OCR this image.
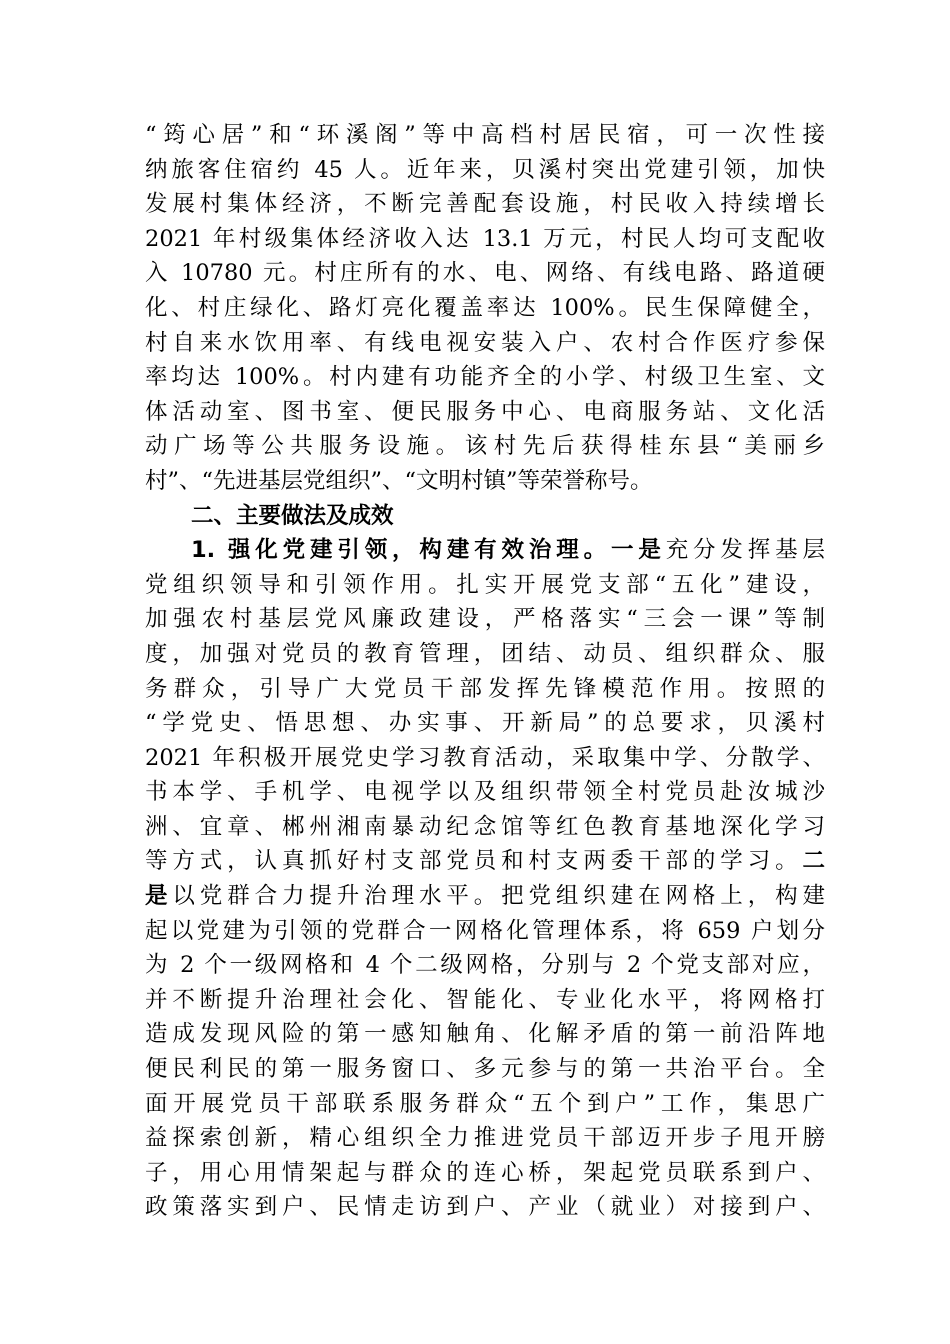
“筠心居”和“环溪阁”等中高档村居民宿，可一次性接
纳旅客住宿约 45 人。近年来，贝溪村突出党建引领，加快
发展村集体经济，不断完善配套设施，村民收入持续增长
2021 年村级集体经济收入达 13.1 万元，村民人均可支配收
入 10780 元。村庄所有的水、电、网络、有线电路、路道硬
化、村庄绿化、路灯亮化覆盖率达 100%。民生保障健全，
村自来水饮用率、有线电视安装入户、农村合作医疗参保
率均达 100%。村内建有功能齐全的小学、村级卫生室、文
体活动室、图书室、便民服务中心、电商服务站、文化活
动广场等公共服务设施。该村先后获得桂东县“美丽乡
村”、“先进基层党组织”、“文明村镇”等荣誉称号。
二、主要做法及成效
1. 强化党建引领，构建有效治理。一是充分发挥基层
党组织领导和引领作用。扎实开展党支部“五化”建设，
加强农村基层党风廉政建设，严格落实“三会一课”等制
度，加强对党员的教育管理，团结、动员、组织群众、服
务群众，引导广大党员干部发挥先锋模范作用。按照的
“学党史、悟思想、办实事、开新局”的总要求，贝溪村
2021 年积极开展党史学习教育活动，采取集中学、分散学、
书本学、手机学、电视学以及组织带领全村党员赴汝城沙
洲、宜章、郴州湘南暴动纪念馆等红色教育基地深化学习
等方式，认真抓好村支部党员和村支两委干部的学习。二
是以党群合力提升治理水平。把党组织建在网格上，构建
起以党建为引领的党群合一网格化管理体系，将 659 户划分
为 2 个一级网格和 4 个二级网格，分别与 2 个党支部对应，
并不断提升治理社会化、智能化、专业化水平，将网格打
造成发现风险的第一感知触角、化解矛盾的第一前沿阵地
便民利民的第一服务窗口、多元参与的第一共治平台。全
面开展党员干部联系服务群众“五个到户”工作，集思广
益探索创新，精心组织全力推进党员干部迈开步子甩开膀
子，用心用情架起与群众的连心桥，架起党员联系到户、
政策落实到户、民情走访到户、产业（就业）对接到户、
